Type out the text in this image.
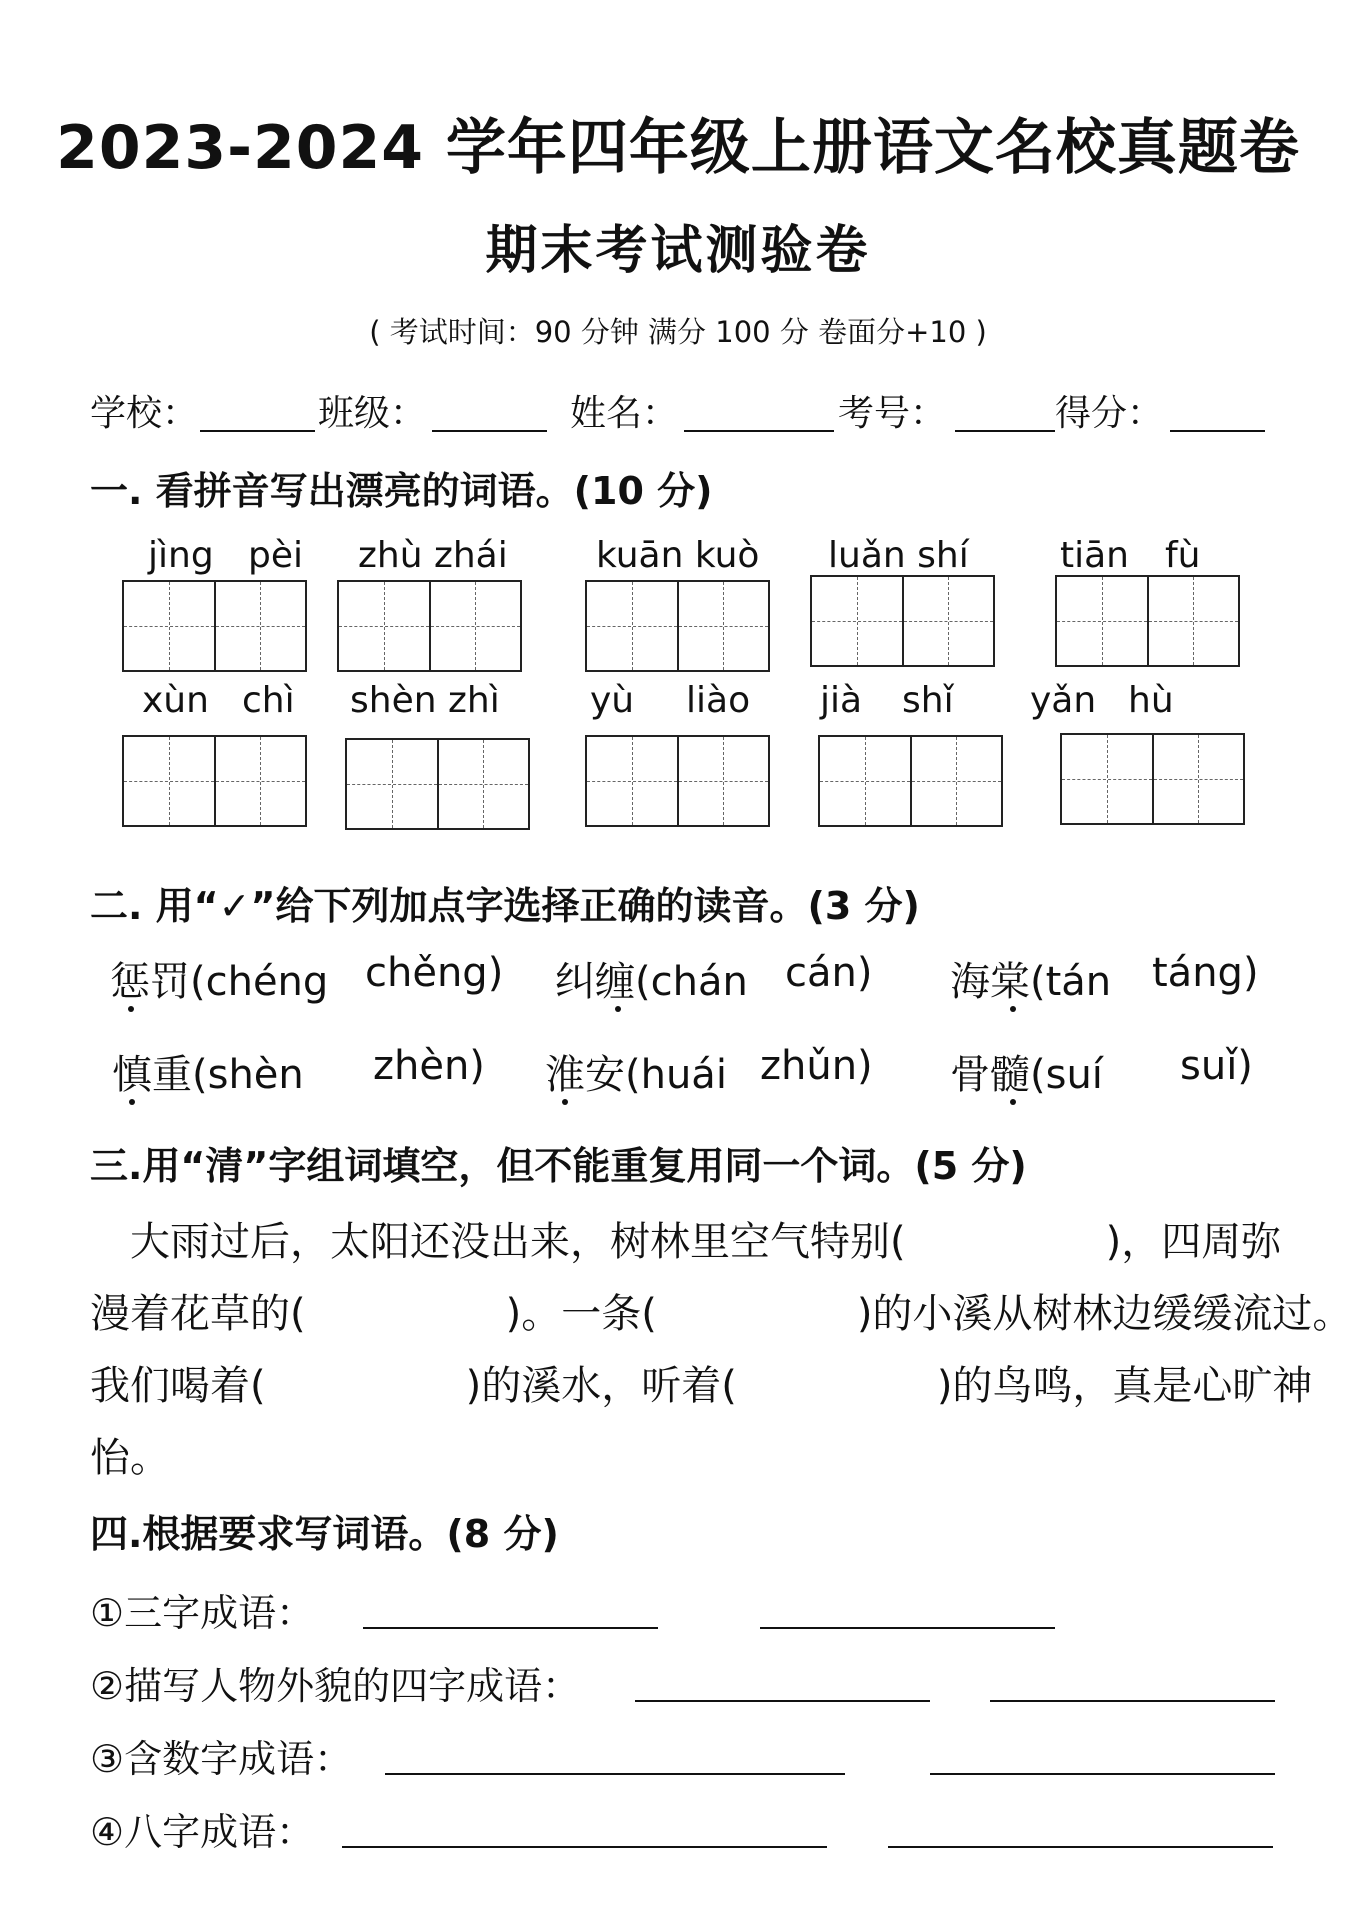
2023-2024 学年四年级上册语文名校真题卷
期末考试测验卷
( 考试时间：90 分钟 满分 100 分 卷面分+10 )
学校：	班级：	姓名：	考号：	得分：
一. 看拼音写出漂亮的词语。(10 分)
jìng pèi zhù zhái kuān kuò luǎn shí	tiān fù
xùn chì shèn zhì	yù liào jià shǐ yǎn hù
二. 用“✓”给下列加点字选择正确的读音。(3 分)
惩罚(chéng chěng) 纠缠(chán cán) 海棠(tán táng)
慎重(shèn zhèn) 淮安(huái zhǔn) 骨髓(suí suǐ)
三.用“清”字组词填空，但不能重复用同一个词。(5 分)
　大雨过后，太阳还没出来，树林里空气特别(　　　　　)，四周弥
漫着花草的(　　　　　)。一条(　　　　　)的小溪从树林边缓缓流过。
我们喝着(　　　　　)的溪水，听着(　　　　　)的鸟鸣，真是心旷神
怡。
四.根据要求写词语。(8 分)
①三字成语：
②描写人物外貌的四字成语：
③含数字成语：
④八字成语：
